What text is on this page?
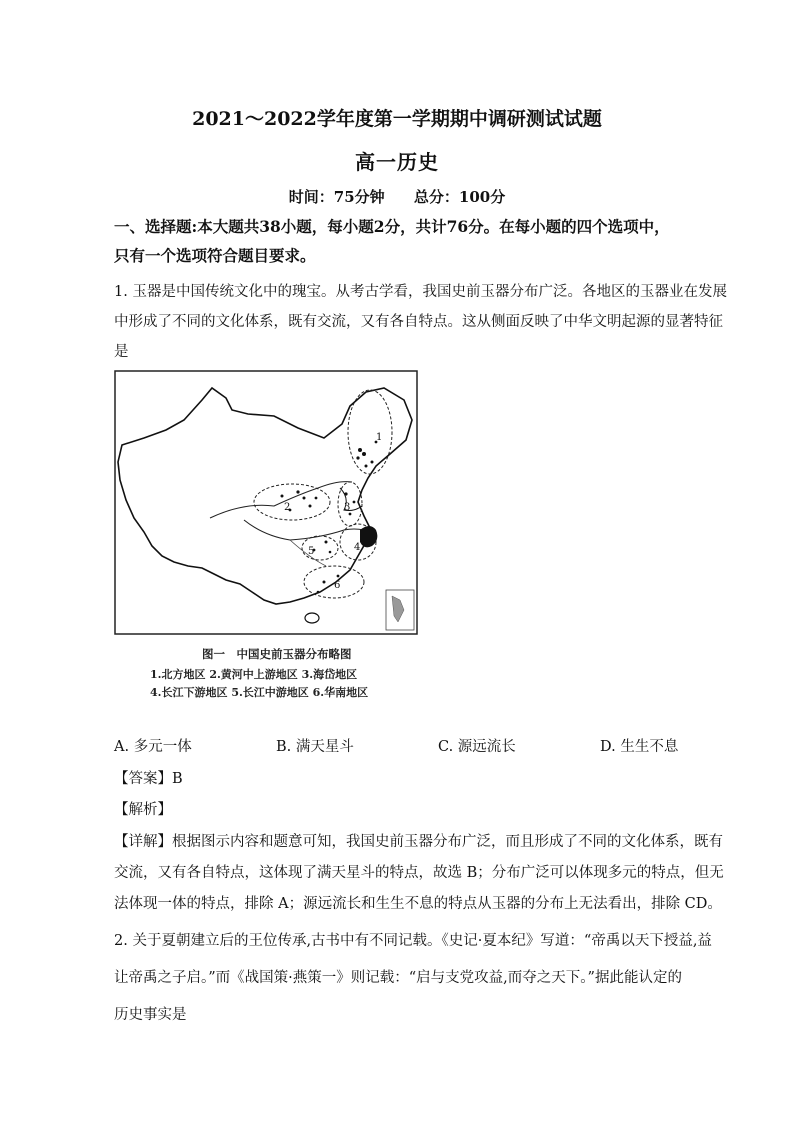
2021～2022学年度第一学期期中调研测试试题
高一历史
时间：75分钟 总分：100分
一、选择题:本大题共38小题，每小题2分，共计76分。在每小题的四个选项中，
只有一个选项符合题目要求。
1. 玉器是中国传统文化中的瑰宝。从考古学看，我国史前玉器分布广泛。各地区的玉器业在发展
中形成了不同的文化体系，既有交流，又有各自特点。这从侧面反映了中华文明起源的显著特征
是
1
2	3
4
5
6
图一　中国史前玉器分布略图
1.北方地区 2.黄河中上游地区 3.海岱地区
4.长江下游地区 5.长江中游地区 6.华南地区
A. 多元一体	B. 满天星斗	C. 源远流长	D. 生生不息
【答案】B
【解析】
【详解】根据图示内容和题意可知，我国史前玉器分布广泛，而且形成了不同的文化体系，既有
交流，又有各自特点，这体现了满天星斗的特点，故选 B；分布广泛可以体现多元的特点，但无
法体现一体的特点，排除 A；源远流长和生生不息的特点从玉器的分布上无法看出，排除 CD。
2. 关于夏朝建立后的王位传承,古书中有不同记载。《史记·夏本纪》写道：“帝禹以天下授益,益
让帝禹之子启。”而《战国策·燕策一》则记载：“启与支党攻益,而夺之天下。”据此能认定的
历史事实是
